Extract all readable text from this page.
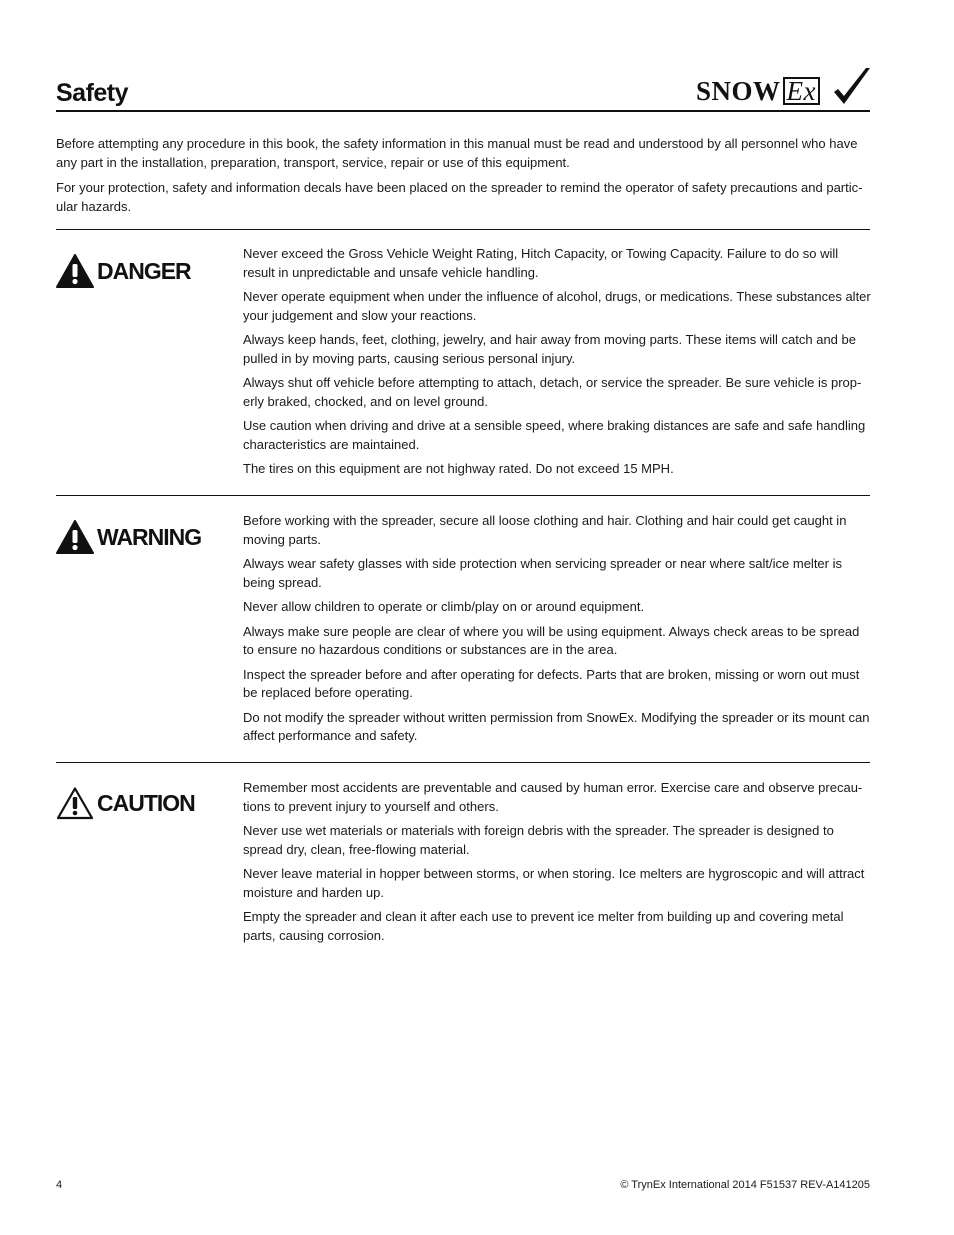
Safety	SNOW Ex

Before attempting any procedure in this book, the safety information in this manual must be read and understood by all personnel who have any part in the installation, preparation, transport, service, repair or use of this equipment.

For your protection, safety and information decals have been placed on the spreader to remind the operator of safety precautions and partic-ular hazards.

DANGER

Never exceed the Gross Vehicle Weight Rating, Hitch Capacity, or Towing Capacity. Failure to do so will result in unpredictable and unsafe vehicle handling.

Never operate equipment when under the influence of alcohol, drugs, or medications. These substances alter your judgement and slow your reactions.

Always keep hands, feet, clothing, jewelry, and hair away from moving parts. These items will catch and be pulled in by moving parts, causing serious personal injury.

Always shut off vehicle before attempting to attach, detach, or service the spreader. Be sure vehicle is prop-erly braked, chocked, and on level ground.

Use caution when driving and drive at a sensible speed, where braking distances are safe and safe handling characteristics are maintained.

The tires on this equipment are not highway rated. Do not exceed 15 MPH.

WARNING

Before working with the spreader, secure all loose clothing and hair. Clothing and hair could get caught in moving parts.

Always wear safety glasses with side protection when servicing spreader or near where salt/ice melter is being spread.

Never allow children to operate or climb/play on or around equipment.

Always make sure people are clear of where you will be using equipment. Always check areas to be spread to ensure no hazardous conditions or substances are in the area.

Inspect the spreader before and after operating for defects. Parts that are broken, missing or worn out must be replaced before operating.

Do not modify the spreader without written permission from SnowEx. Modifying the spreader or its mount can affect performance and safety.

CAUTION

Remember most accidents are preventable and caused by human error. Exercise care and observe precau-tions to prevent injury to yourself and others.

Never use wet materials or materials with foreign debris with the spreader. The spreader is designed to spread dry, clean, free-flowing material.

Never leave material in hopper between storms, or when storing. Ice melters are hygroscopic and will attract moisture and harden up.

Empty the spreader and clean it after each use to prevent ice melter from building up and covering metal parts, causing corrosion.

4	© TrynEx International 2014 F51537 REV-A141205
